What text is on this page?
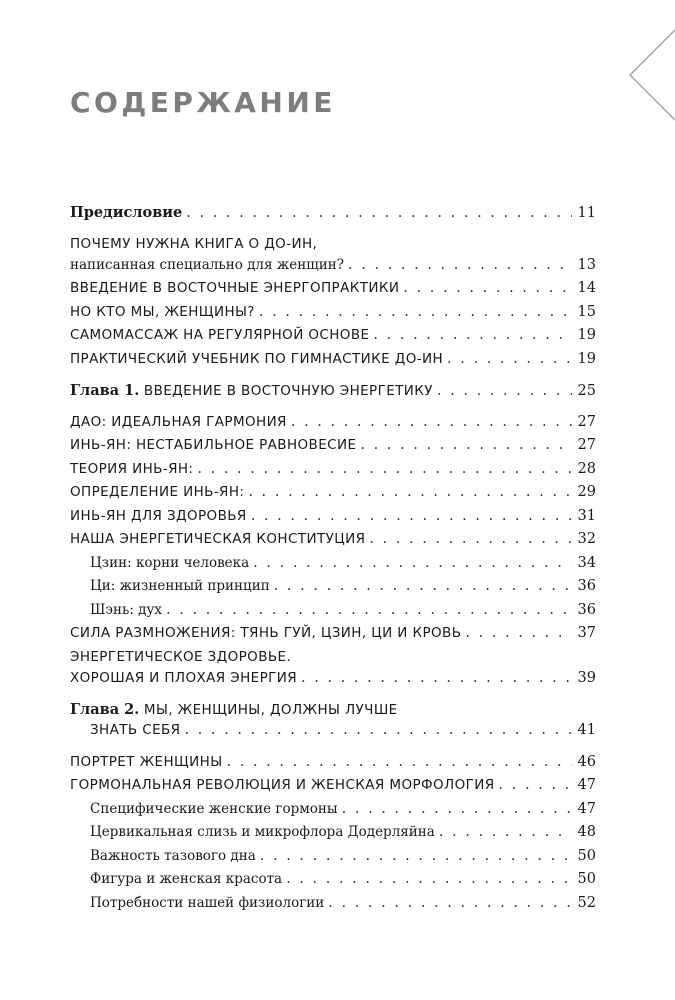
СОДЕРЖАНИЕ
Предисловие . . .	11
ПОЧЕМУ НУЖНА КНИГА О ДО-ИН,
написанная специально для женщин? . . .	13
ВВЕДЕНИЕ В ВОСТОЧНЫЕ ЭНЕРГОПРАКТИКИ . . .	14
НО КТО МЫ, ЖЕНЩИНЫ? . . .	15
САМОМАССАЖ НА РЕГУЛЯРНОЙ ОСНОВЕ . . .	19
ПРАКТИЧЕСКИЙ УЧЕБНИК ПО ГИМНАСТИКЕ ДО-ИН . . .	19
Глава 1. ВВЕДЕНИЕ В ВОСТОЧНУЮ ЭНЕРГЕТИКУ . . .	25
ДАО: ИДЕАЛЬНАЯ ГАРМОНИЯ . . .	27
ИНЬ-ЯН: НЕСТАБИЛЬНОЕ РАВНОВЕСИЕ . . .	27
ТЕОРИЯ ИНЬ-ЯН: . . .	28
ОПРЕДЕЛЕНИЕ ИНЬ-ЯН: . . .	29
ИНЬ-ЯН ДЛЯ ЗДОРОВЬЯ . . .	31
НАША ЭНЕРГЕТИЧЕСКАЯ КОНСТИТУЦИЯ . . .	32
Цзин: корни человека . . .	34
Ци: жизненный принцип . . .	36
Шэнь: дух . . .	36
СИЛА РАЗМНОЖЕНИЯ: ТЯНЬ ГУЙ, ЦЗИН, ЦИ И КРОВЬ . . .	37
ЭНЕРГЕТИЧЕСКОЕ ЗДОРОВЬЕ.
ХОРОШАЯ И ПЛОХАЯ ЭНЕРГИЯ . . .	39
Глава 2. МЫ, ЖЕНЩИНЫ, ДОЛЖНЫ ЛУЧШЕ
ЗНАТЬ СЕБЯ . . .	41
ПОРТРЕТ ЖЕНЩИНЫ . . .	46
ГОРМОНАЛЬНАЯ РЕВОЛЮЦИЯ И ЖЕНСКАЯ МОРФОЛОГИЯ . . .	47
Специфические женские гормоны . . .	47
Цервикальная слизь и микрофлора Додерляйна . . .	48
Важность тазового дна . . .	50
Фигура и женская красота . . .	50
Потребности нашей физиологии . . .	52
